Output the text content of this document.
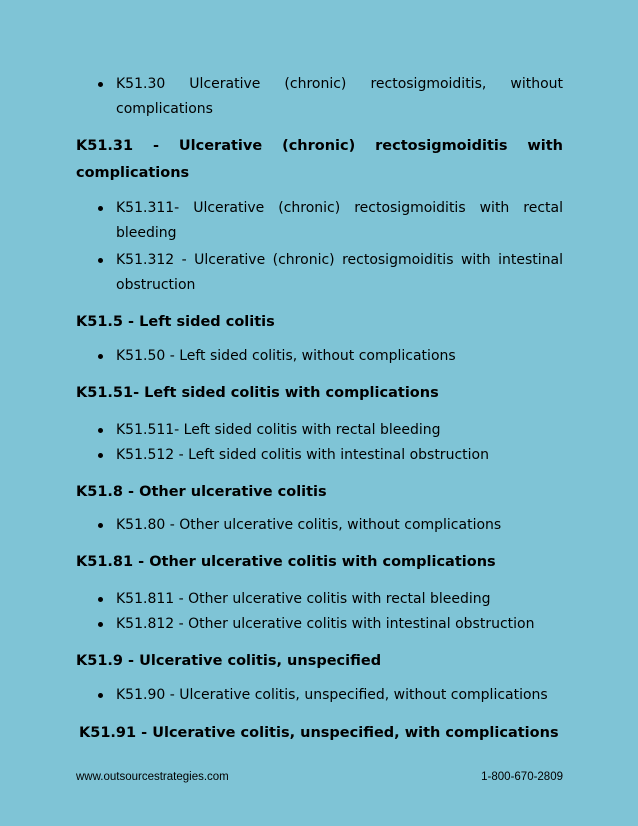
K51.30 Ulcerative (chronic) rectosigmoiditis, without complications

K51.31 - Ulcerative (chronic) rectosigmoiditis with complications

K51.311- Ulcerative (chronic) rectosigmoiditis with rectal bleeding
K51.312 - Ulcerative (chronic) rectosigmoiditis with intestinal obstruction

K51.5 - Left sided colitis

K51.50 - Left sided colitis, without complications

K51.51- Left sided colitis with complications

K51.511- Left sided colitis with rectal bleeding
K51.512 - Left sided colitis with intestinal obstruction

K51.8 - Other ulcerative colitis

K51.80 - Other ulcerative colitis, without complications

K51.81 - Other ulcerative colitis with complications

K51.811 - Other ulcerative colitis with rectal bleeding
K51.812 - Other ulcerative colitis with intestinal obstruction

K51.9 - Ulcerative colitis, unspecified

K51.90 - Ulcerative colitis, unspecified, without complications

K51.91 - Ulcerative colitis, unspecified, with complications

www.outsourcestrategies.com	1-800-670-2809
